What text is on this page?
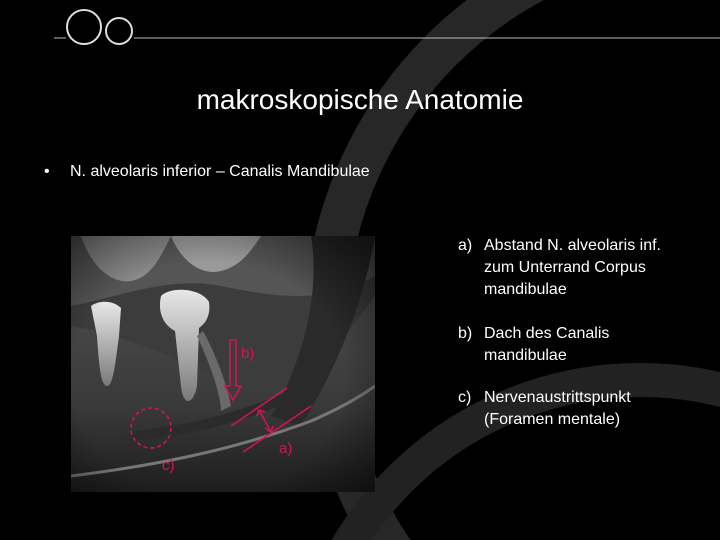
makroskopische Anatomie
• N. alveolaris inferior – Canalis Mandibulae
b)
a)
c)
a) Abstand N. alveolaris inf.
zum Unterrand Corpus
mandibulae
b) Dach des Canalis
mandibulae
c) Nervenaustrittspunkt
(Foramen mentale)
